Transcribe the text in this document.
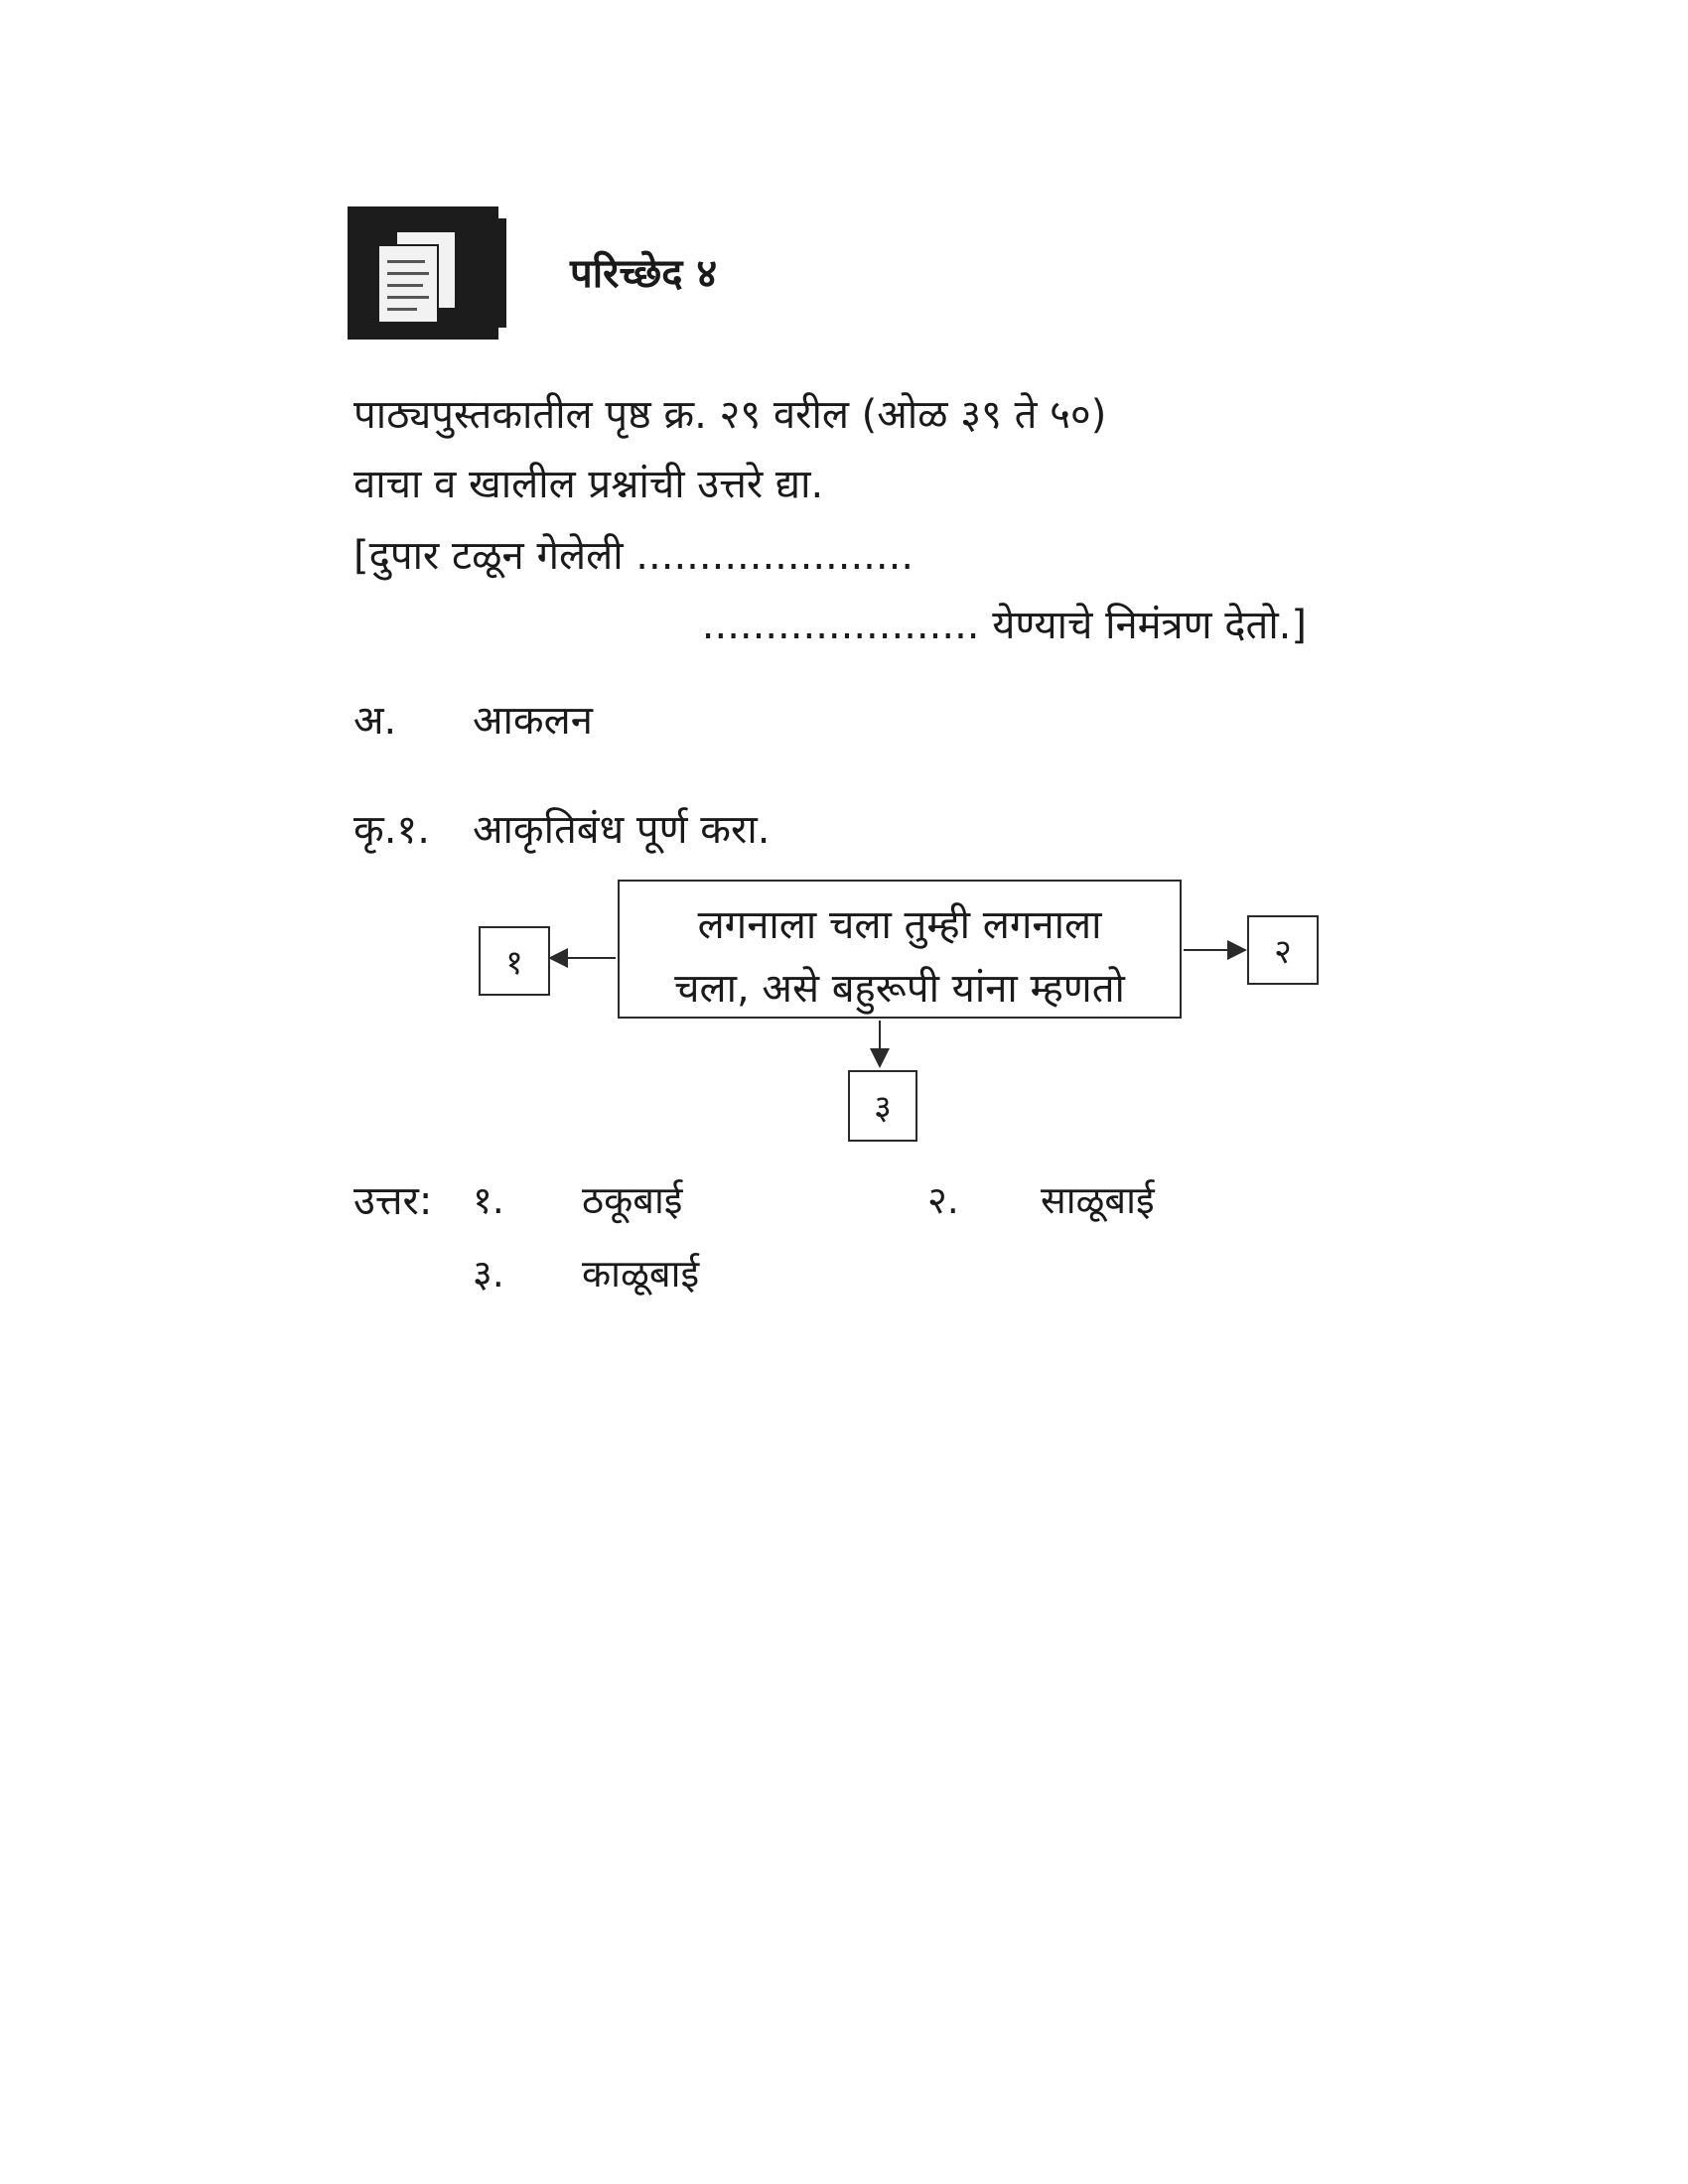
परिच्छेद ४
पाठ्यपुस्तकातील पृष्ठ क्र. २९ वरील (ओळ ३९ ते ५०)
वाचा व खालील प्रश्नांची उत्तरे द्या.
[दुपार टळून गेलेली ......................
...................... येण्याचे निमंत्रण देतो.]
अ. आकलन
कृ.१. आकृतिबंध पूर्ण करा.
लगनाला चला तुम्ही लगनाला
चला, असे बहुरूपी यांना म्हणतो
१	२
३
उत्तर: १. ठकूबाई	२. साळूबाई
३. काळूबाई
